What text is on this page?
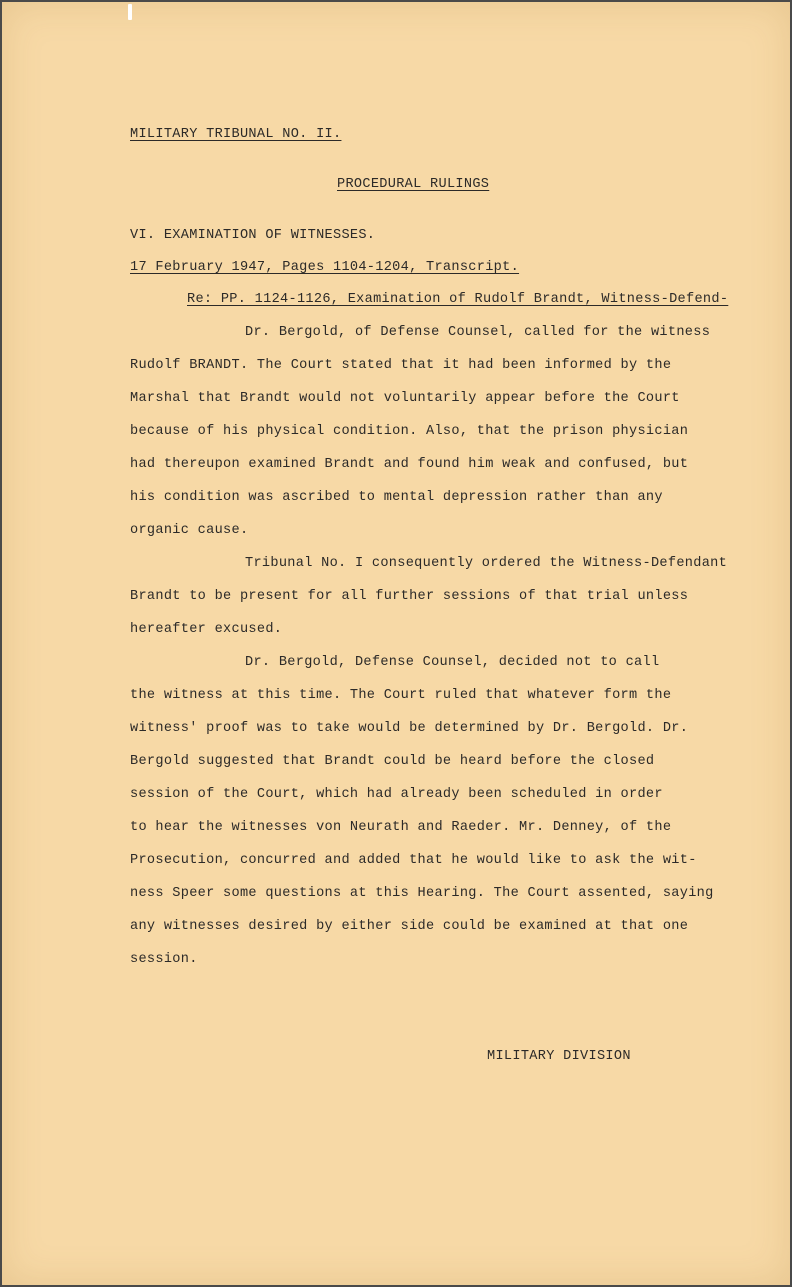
MILITARY TRIBUNAL NO. II.
PROCEDURAL RULINGS
VI. EXAMINATION OF WITNESSES.
17 February 1947, Pages 1104-1204, Transcript.
Re: PP. 1124-1126, Examination of Rudolf Brandt, Witness-Defend-
Dr. Bergold, of Defense Counsel, called for the witness
Rudolf BRANDT. The Court stated that it had been informed by the
Marshal that Brandt would not voluntarily appear before the Court
because of his physical condition. Also, that the prison physician
had thereupon examined Brandt and found him weak and confused, but
his condition was ascribed to mental depression rather than any
organic cause.
Tribunal No. I consequently ordered the Witness-Defendant
Brandt to be present for all further sessions of that trial unless
hereafter excused.
Dr. Bergold, Defense Counsel, decided not to call
the witness at this time. The Court ruled that whatever form the
witness' proof was to take would be determined by Dr. Bergold. Dr.
Bergold suggested that Brandt could be heard before the closed
session of the Court, which had already been scheduled in order
to hear the witnesses von Neurath and Raeder. Mr. Denney, of the
Prosecution, concurred and added that he would like to ask the wit-
ness Speer some questions at this Hearing. The Court assented, saying
any witnesses desired by either side could be examined at that one
session.
MILITARY DIVISION
